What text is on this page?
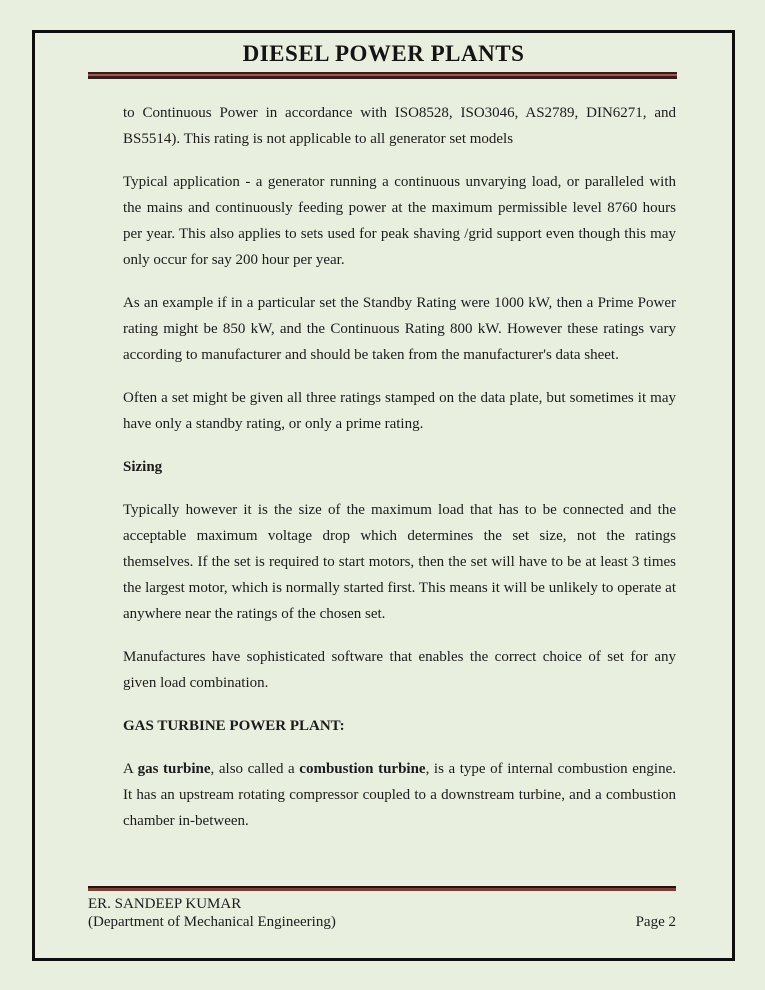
DIESEL POWER PLANTS

to Continuous Power in accordance with ISO8528, ISO3046, AS2789, DIN6271, and BS5514). This rating is not applicable to all generator set models

Typical application - a generator running a continuous unvarying load, or paralleled with the mains and continuously feeding power at the maximum permissible level 8760 hours per year. This also applies to sets used for peak shaving /grid support even though this may only occur for say 200 hour per year.

As an example if in a particular set the Standby Rating were 1000 kW, then a Prime Power rating might be 850 kW, and the Continuous Rating 800 kW. However these ratings vary according to manufacturer and should be taken from the manufacturer's data sheet.

Often a set might be given all three ratings stamped on the data plate, but sometimes it may have only a standby rating, or only a prime rating.

Sizing

Typically however it is the size of the maximum load that has to be connected and the acceptable maximum voltage drop which determines the set size, not the ratings themselves. If the set is required to start motors, then the set will have to be at least 3 times the largest motor, which is normally started first. This means it will be unlikely to operate at anywhere near the ratings of the chosen set.

Manufactures have sophisticated software that enables the correct choice of set for any given load combination.

GAS TURBINE POWER PLANT:

A gas turbine, also called a combustion turbine, is a type of internal combustion engine. It has an upstream rotating compressor coupled to a downstream turbine, and a combustion chamber in-between.

ER. SANDEEP KUMAR
(Department of Mechanical Engineering)	Page 2
